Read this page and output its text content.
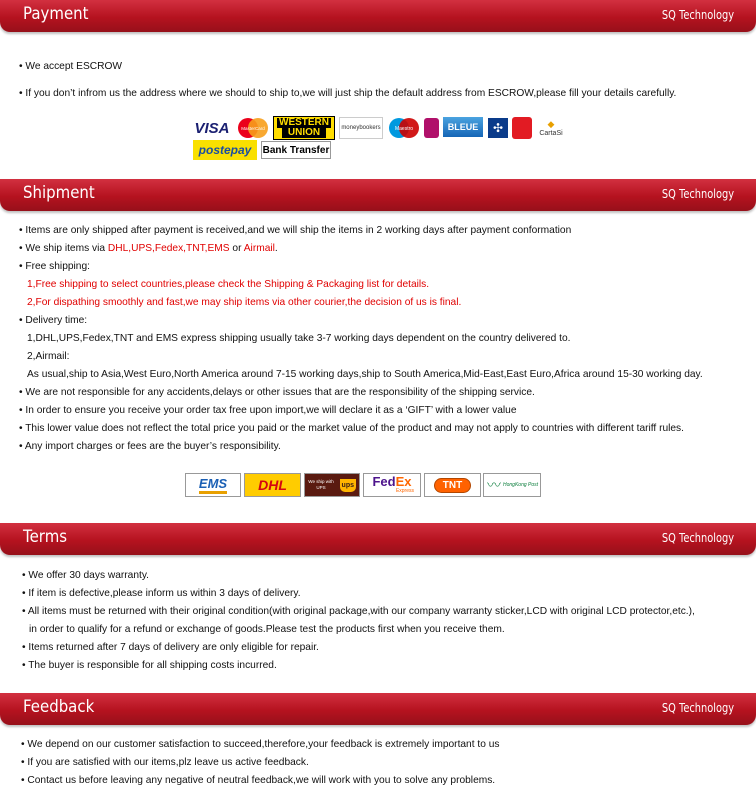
Payment	SQ Technology
• We accept ESCROW
• If you don’t infrom us the address where we should to ship to,we will just ship the default address from ESCROW,please fill your details carefully.
VISA	MasterCard
WESTERN
UNION	moneybookers	Maestro	BLEUE	✣	◆
CartaSi
postepay	Bank Transfer
Shipment	SQ Technology
• Items are only shipped after payment is received,and we will ship the items in 2 working days after payment conformation
• We ship items via DHL,UPS,Fedex,TNT,EMS or Airmail.
• Free shipping:
1,Free shipping to select countries,please check the Shipping & Packaging list for details.
2,For dispathing smoothly and fast,we may ship items via other courier,the decision of us is final.
• Delivery time:
1,DHL,UPS,Fedex,TNT and EMS express shipping usually take 3-7 working days dependent on the country delivered to.
2,Airmail:
As usual,ship to Asia,West Euro,North America around 7-15 working days,ship to South America,Mid-East,East Euro,Africa around 15-30 working day.
• We are not responsible for any accidents,delays or other issues that are the responsibility of the shipping service.
• In order to ensure you receive your order tax free upon import,we will declare it as a ‘GIFT’ with a lower value
• This lower value does not reflect the total price you paid or the market value of the product and may not apply to countries with different tariff rules.
• Any import charges or fees are the buyer’s responsibility.
EMS	DHL	We ship with UPS	ups FedEx
Express
TNT	〰 HongKong Post
Terms	SQ Technology
• We offer 30 days warranty.
• If item is defective,please inform us within 3 days of delivery.
• All items must be returned with their original condition(with original package,with our company warranty sticker,LCD with original LCD protector,etc.),
in order to qualify for a refund or exchange of goods.Please test the products first when you receive them.
• Items returned after 7 days of delivery are only eligible for repair.
• The buyer is responsible for all shipping costs incurred.
Feedback	SQ Technology
• We depend on our customer satisfaction to succeed,therefore,your feedback is extremely important to us
• If you are satisfied with our items,plz leave us active feedback.
• Contact us before leaving any negative of neutral feedback,we will work with you to solve any problems.
